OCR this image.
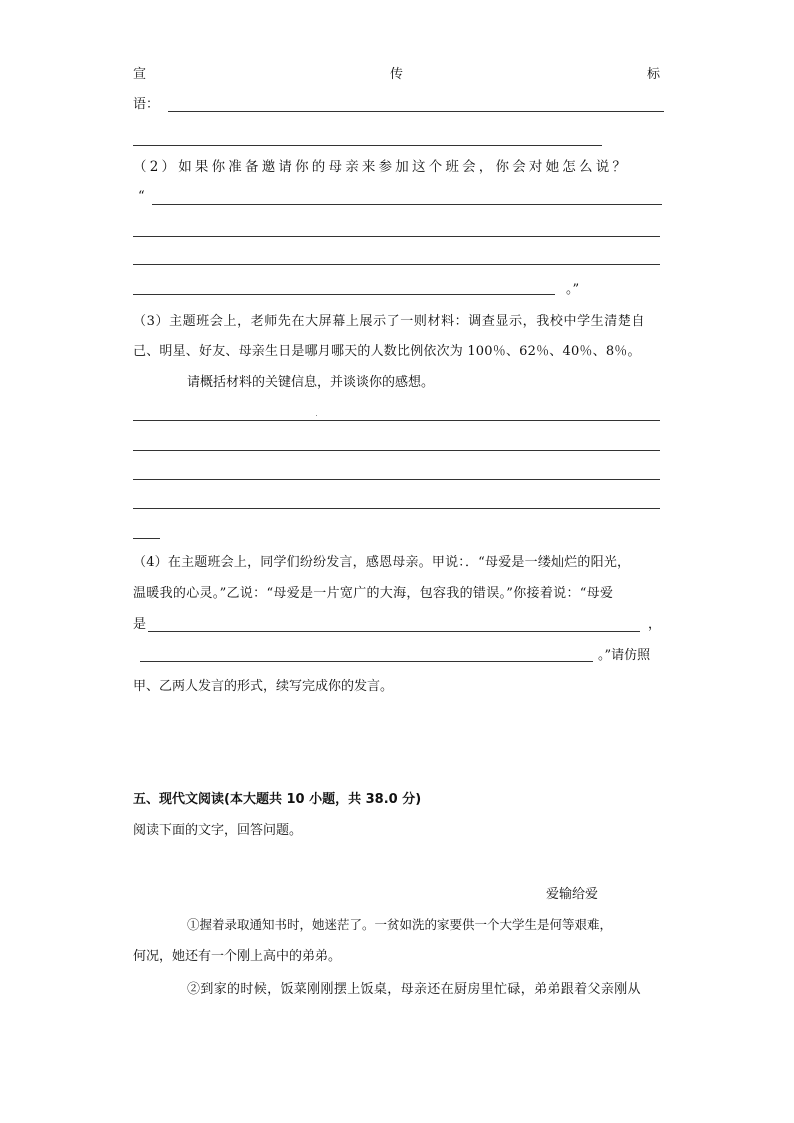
宣	传	标
语：
（2）如果你准备邀请你的母亲来参加这个班会，你会对她怎么说？
“
。”
（3）主题班会上，老师先在大屏幕上展示了一则材料：调查显示，我校中学生清楚自
己、明星、好友、母亲生日是哪月哪天的人数比例依次为 100％、62％、40％、8％。
请概括材料的关键信息，并谈谈你的感想。
（4）在主题班会上，同学们纷纷发言，感恩母亲。甲说：．“母爱是一缕灿烂的阳光，
温暖我的心灵。”乙说：“母爱是一片宽广的大海，包容我的错误。”你接着说：“母爱
是	，
。”请仿照
甲、乙两人发言的形式，续写完成你的发言。
五、现代文阅读(本大题共 10 小题，共 38.0 分)
阅读下面的文字，回答问题。
爱输给爱
①握着录取通知书时，她迷茫了。一贫如洗的家要供一个大学生是何等艰难，
何况，她还有一个刚上高中的弟弟。
②到家的时候，饭菜刚刚摆上饭桌，母亲还在厨房里忙碌，弟弟跟着父亲刚从
